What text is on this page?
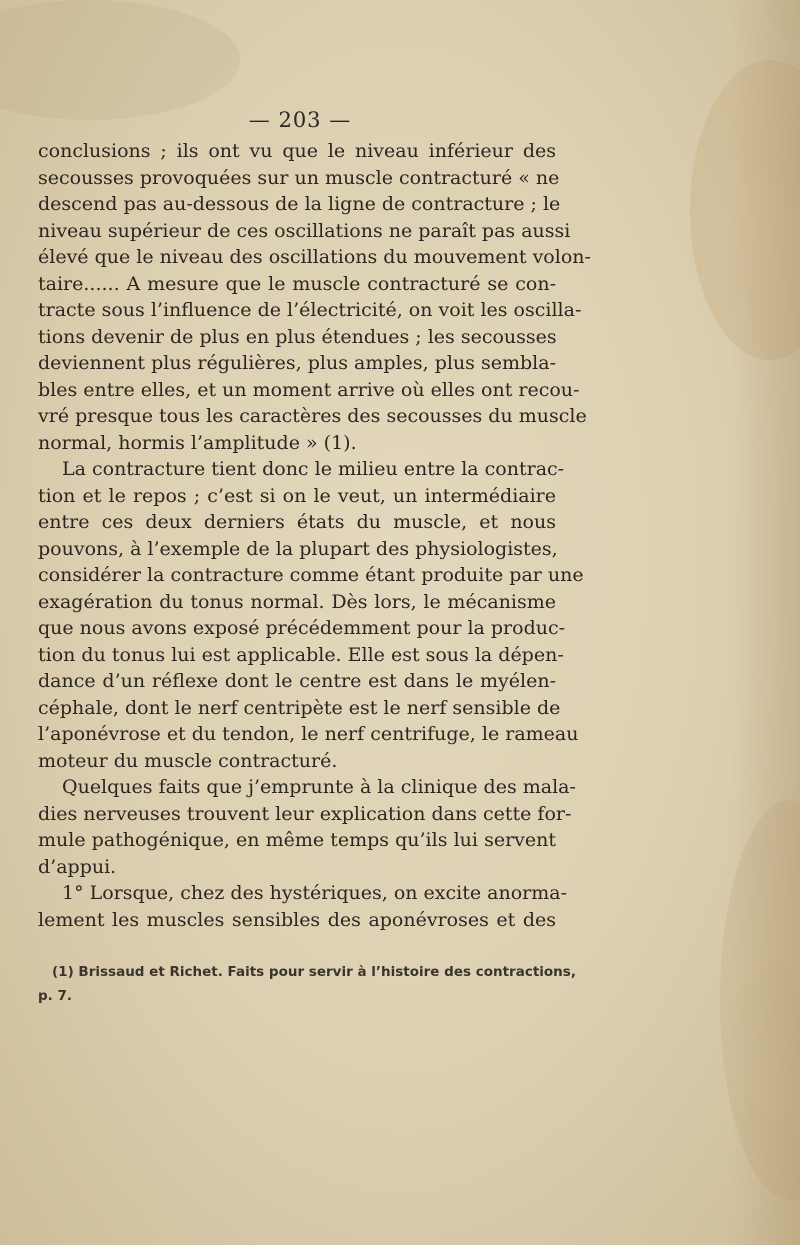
— 203 —
conclusions ; ils ont vu que le niveau inférieur des
secousses provoquées sur un muscle contracturé « ne
descend pas au-dessous de la ligne de contracture ; le
niveau supérieur de ces oscillations ne paraît pas aussi
élevé que le niveau des oscillations du mouvement volon-
taire...... A mesure que le muscle contracturé se con-
tracte sous l’influence de l’électricité, on voit les oscilla-
tions devenir de plus en plus étendues ; les secousses
deviennent plus régulières, plus amples, plus sembla-
bles entre elles, et un moment arrive où elles ont recou-
vré presque tous les caractères des secousses du muscle
normal, hormis l’amplitude » (1).
La contracture tient donc le milieu entre la contrac-
tion et le repos ; c’est si on le veut, un intermédiaire
entre ces deux derniers états du muscle, et nous
pouvons, à l’exemple de la plupart des physiologistes,
considérer la contracture comme étant produite par une
exagération du tonus normal. Dès lors, le mécanisme
que nous avons exposé précédemment pour la produc-
tion du tonus lui est applicable. Elle est sous la dépen-
dance d’un réflexe dont le centre est dans le myélen-
céphale, dont le nerf centripète est le nerf sensible de
l’aponévrose et du tendon, le nerf centrifuge, le rameau
moteur du muscle contracturé.
Quelques faits que j’emprunte à la clinique des mala-
dies nerveuses trouvent leur explication dans cette for-
mule pathogénique, en même temps qu’ils lui servent
d’appui.
1° Lorsque, chez des hystériques, on excite anorma-
lement les muscles sensibles des aponévroses et des
(1) Brissaud et Richet. Faits pour servir à l’histoire des contractions,
p. 7.
